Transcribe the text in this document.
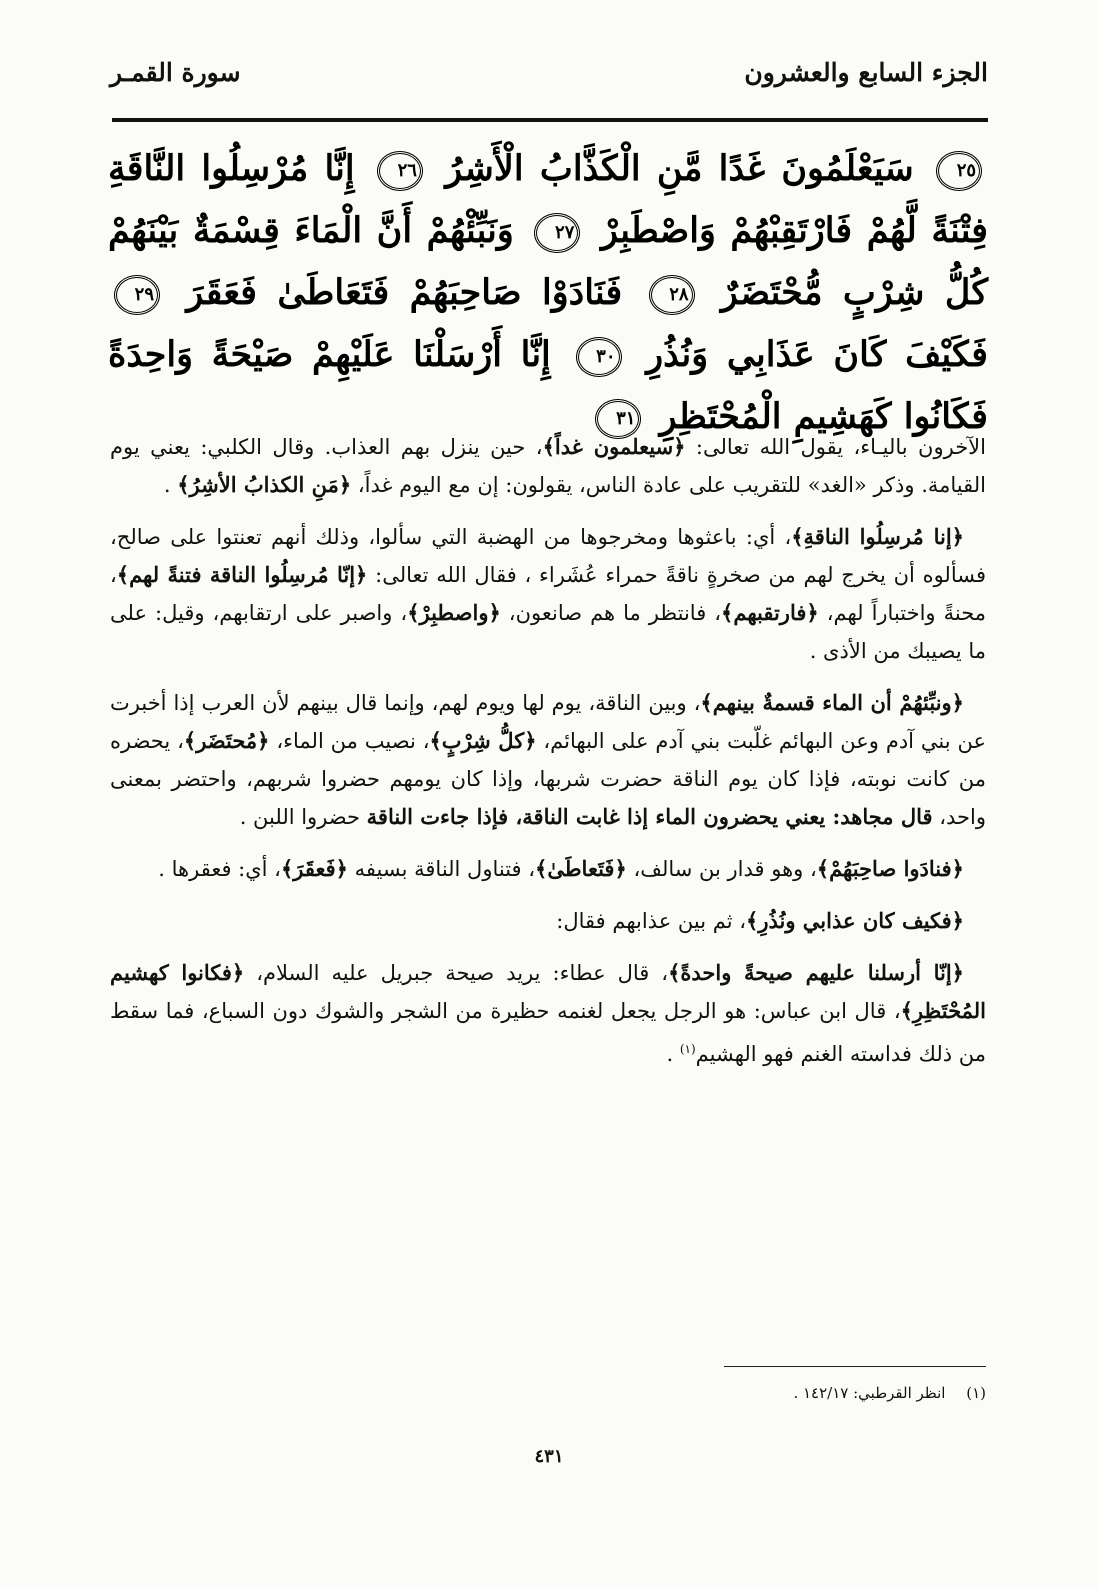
الجزء السابع والعشرون
سورة القمـر
٢٥ سَيَعْلَمُونَ غَدًا مَّنِ الْكَذَّابُ الْأَشِرُ ٢٦ إِنَّا مُرْسِلُوا النَّاقَةِ فِتْنَةً لَّهُمْ فَارْتَقِبْهُمْ وَاصْطَبِرْ ٢٧ وَنَبِّئْهُمْ أَنَّ الْمَاءَ قِسْمَةٌ بَيْنَهُمْ كُلُّ شِرْبٍ مُّحْتَضَرٌ ٢٨ فَنَادَوْا صَاحِبَهُمْ فَتَعَاطَىٰ فَعَقَرَ ٢٩ فَكَيْفَ كَانَ عَذَابِي وَنُذُرِ ٣٠ إِنَّا أَرْسَلْنَا عَلَيْهِمْ صَيْحَةً وَاحِدَةً فَكَانُوا كَهَشِيمِ الْمُحْتَظِرِ ٣١

الآخرون باليـاء، يقول الله تعالى: ﴿سيعلمون غداً﴾، حين ينزل بهم العذاب. وقال الكلبي: يعني يوم القيامة. وذكر «الغد» للتقريب على عادة الناس، يقولون: إن مع اليوم غداً، ﴿مَنِ الكذابُ الأشِرُ﴾ .

﴿إنا مُرسِلُوا الناقةِ﴾، أي: باعثوها ومخرجوها من الهضبة التي سألوا، وذلك أنهم تعنتوا على صالح، فسألوه أن يخرج لهم من صخرةٍ ناقةً حمراء عُشَراء ، فقال الله تعالى: ﴿إنّا مُرسِلُوا الناقة فتنةً لهم﴾، محنةً واختباراً لهم، ﴿فارتقبهم﴾، فانتظر ما هم صانعون، ﴿واصطبِرْ﴾، واصبر على ارتقابهم، وقيل: على ما يصيبك من الأذى .

﴿ونبِّئهُمْ أن الماء قسمةٌ بينهم﴾، وبين الناقة، يوم لها ويوم لهم، وإنما قال بينهم لأن العرب إذا أخبرت عن بني آدم وعن البهائم غلّبت بني آدم على البهائم، ﴿كلُّ شِرْبٍ﴾، نصيب من الماء، ﴿مُحتَضَر﴾، يحضره من كانت نوبته، فإذا كان يوم الناقة حضرت شربها، وإذا كان يومهم حضروا شربهم، واحتضر بمعنى واحد، قال مجاهد: يعني يحضرون الماء إذا غابت الناقة، فإذا جاءت الناقة حضروا اللبن .

﴿فنادَوا صاحِبَهُمْ﴾، وهو قدار بن سالف، ﴿فَتَعاطَىٰ﴾، فتناول الناقة بسيفه ﴿فَعقَرَ﴾، أي: فعقرها .

﴿فكيف كان عذابي ونُذُرِ﴾، ثم بين عذابهم فقال:

﴿إنّا أرسلنا عليهم صيحةً واحدةً﴾، قال عطاء: يريد صيحة جبريل عليه السلام، ﴿فكانوا كهشيم المُحْتَظِرِ﴾، قال ابن عباس: هو الرجل يجعل لغنمه حظيرة من الشجر والشوك دون السباع، فما سقط من ذلك فداسته الغنم فهو الهشيم$^{(١)}$ .

(١) انظر القرطبي: ١٤٢/١٧ .
٤٣١
